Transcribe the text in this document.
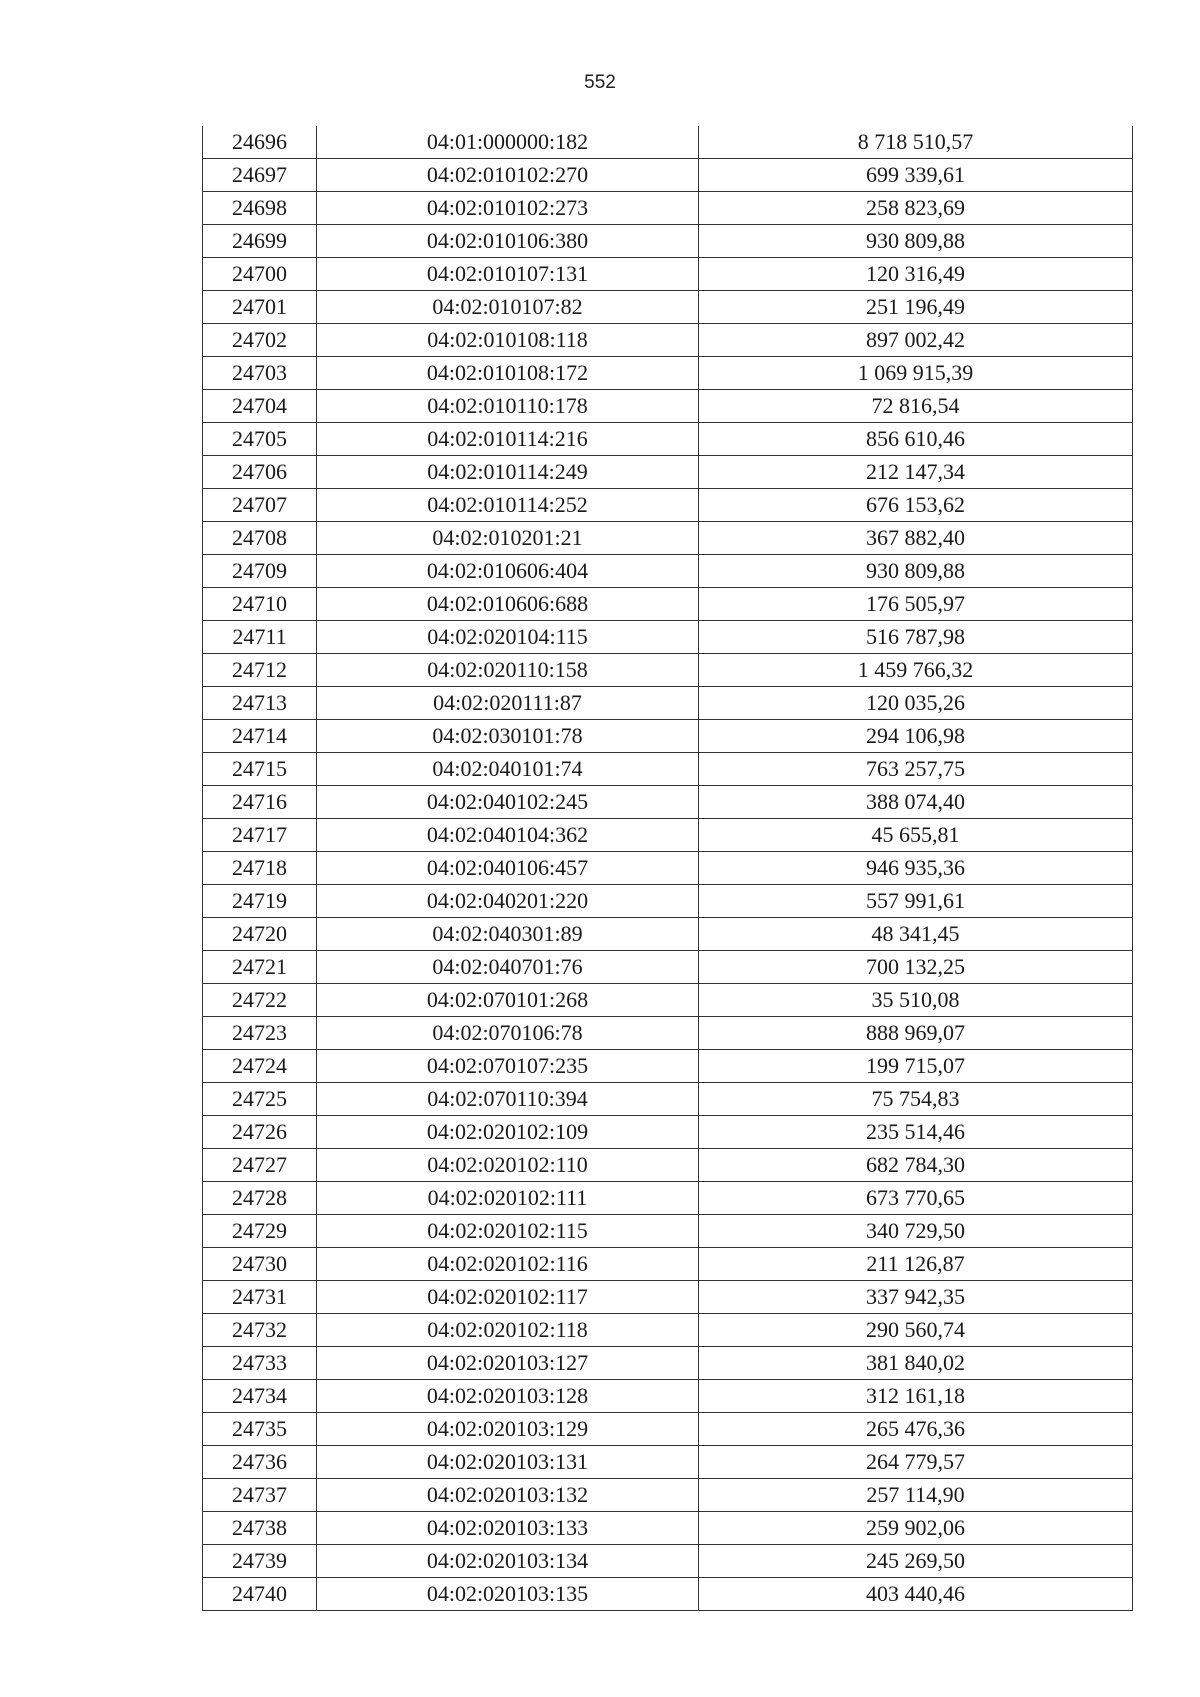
552
24696	04:01:000000:182	8 718 510,57
24697	04:02:010102:270	699 339,61
24698	04:02:010102:273	258 823,69
24699	04:02:010106:380	930 809,88
24700	04:02:010107:131	120 316,49
24701	04:02:010107:82	251 196,49
24702	04:02:010108:118	897 002,42
24703	04:02:010108:172	1 069 915,39
24704	04:02:010110:178	72 816,54
24705	04:02:010114:216	856 610,46
24706	04:02:010114:249	212 147,34
24707	04:02:010114:252	676 153,62
24708	04:02:010201:21	367 882,40
24709	04:02:010606:404	930 809,88
24710	04:02:010606:688	176 505,97
24711	04:02:020104:115	516 787,98
24712	04:02:020110:158	1 459 766,32
24713	04:02:020111:87	120 035,26
24714	04:02:030101:78	294 106,98
24715	04:02:040101:74	763 257,75
24716	04:02:040102:245	388 074,40
24717	04:02:040104:362	45 655,81
24718	04:02:040106:457	946 935,36
24719	04:02:040201:220	557 991,61
24720	04:02:040301:89	48 341,45
24721	04:02:040701:76	700 132,25
24722	04:02:070101:268	35 510,08
24723	04:02:070106:78	888 969,07
24724	04:02:070107:235	199 715,07
24725	04:02:070110:394	75 754,83
24726	04:02:020102:109	235 514,46
24727	04:02:020102:110	682 784,30
24728	04:02:020102:111	673 770,65
24729	04:02:020102:115	340 729,50
24730	04:02:020102:116	211 126,87
24731	04:02:020102:117	337 942,35
24732	04:02:020102:118	290 560,74
24733	04:02:020103:127	381 840,02
24734	04:02:020103:128	312 161,18
24735	04:02:020103:129	265 476,36
24736	04:02:020103:131	264 779,57
24737	04:02:020103:132	257 114,90
24738	04:02:020103:133	259 902,06
24739	04:02:020103:134	245 269,50
24740	04:02:020103:135	403 440,46
